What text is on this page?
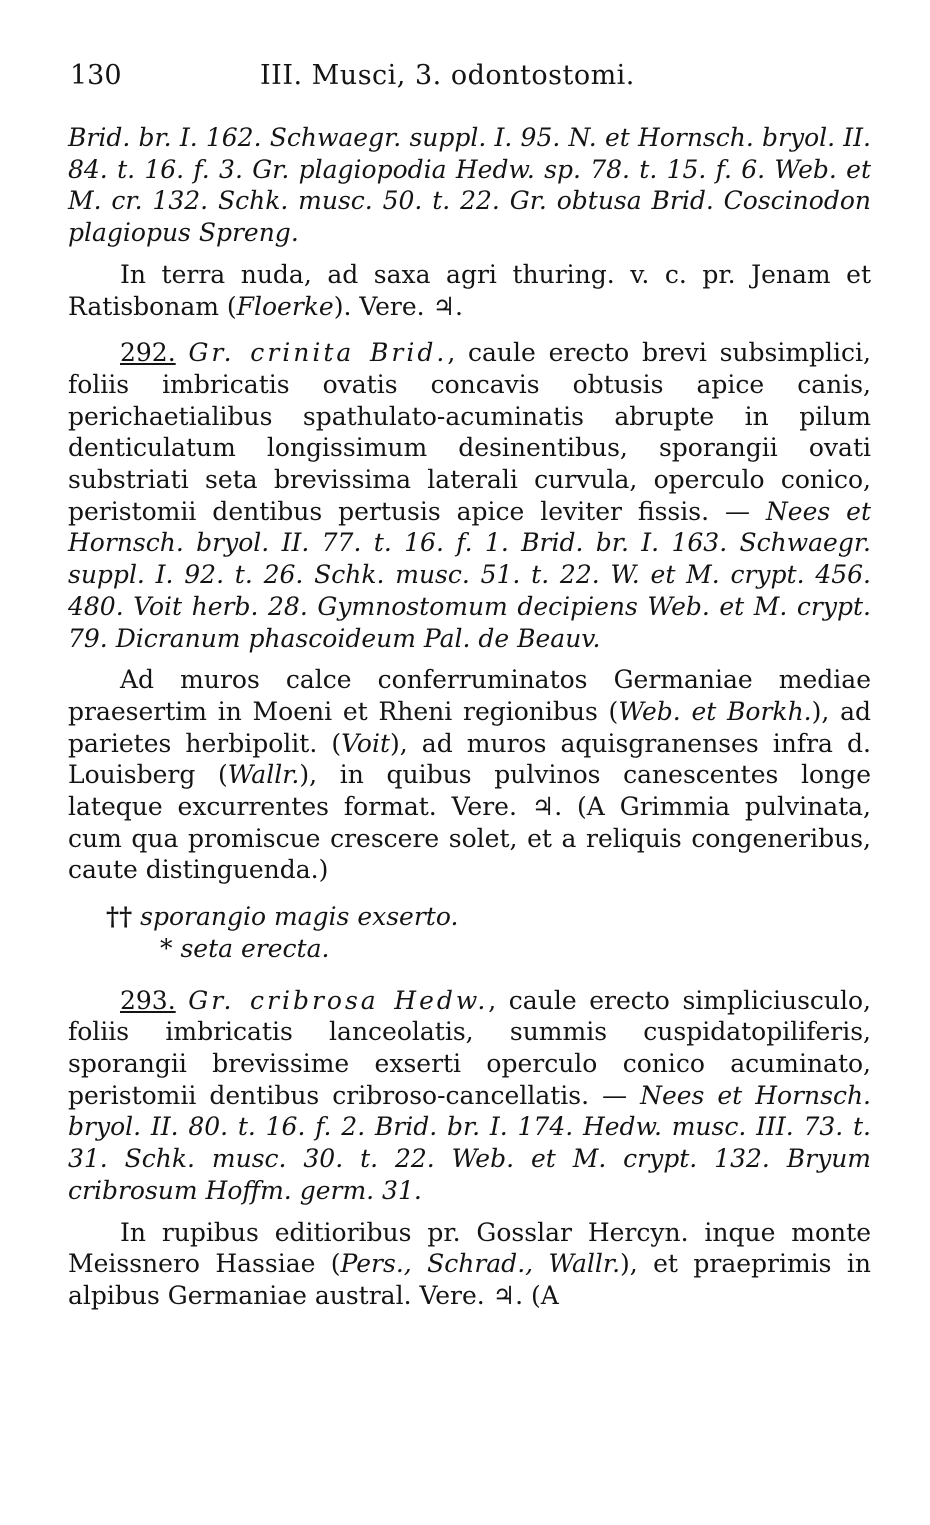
130	III. Musci, 3. odontostomi.

Brid. br. I. 162. Schwaegr. suppl. I. 95. N. et Hornsch. bryol. II. 84. t. 16. f. 3. Gr. plagiopodia Hedw. sp. 78. t. 15. f. 6. Web. et M. cr. 132. Schk. musc. 50. t. 22. Gr. obtusa Brid. Coscinodon plagiopus Spreng.

In terra nuda, ad saxa agri thuring. v. c. pr. Jenam et Ratisbonam (Floerke). Vere. ♃.

292. Gr. crinita Brid., caule erecto brevi subsimplici, foliis imbricatis ovatis concavis obtusis apice canis, perichaetialibus spathulato-acuminatis abrupte in pilum denticulatum longissimum desinentibus, sporangii ovati substriati seta brevissima laterali curvula, operculo conico, peristomii dentibus pertusis apice leviter fissis. — Nees et Hornsch. bryol. II. 77. t. 16. f. 1. Brid. br. I. 163. Schwaegr. suppl. I. 92. t. 26. Schk. musc. 51. t. 22. W. et M. crypt. 456. 480. Voit herb. 28. Gymnostomum decipiens Web. et M. crypt. 79. Dicranum phascoideum Pal. de Beauv.

Ad muros calce conferruminatos Germaniae mediae praesertim in Moeni et Rheni regionibus (Web. et Borkh.), ad parietes herbipolit. (Voit), ad muros aquisgranenses infra d. Louisberg (Wallr.), in quibus pulvinos canescentes longe lateque excurrentes format. Vere. ♃. (A Grimmia pulvinata, cum qua promiscue crescere solet, et a reliquis congeneribus, caute distinguenda.)

†† sporangio magis exserto.

* seta erecta.

293. Gr. cribrosa Hedw., caule erecto simpliciusculo, foliis imbricatis lanceolatis, summis cuspidatopiliferis, sporangii brevissime exserti operculo conico acuminato, peristomii dentibus cribroso-cancellatis. — Nees et Hornsch. bryol. II. 80. t. 16. f. 2. Brid. br. I. 174. Hedw. musc. III. 73. t. 31. Schk. musc. 30. t. 22. Web. et M. crypt. 132. Bryum cribrosum Hoffm. germ. 31.

In rupibus editioribus pr. Gosslar Hercyn. inque monte Meissnero Hassiae (Pers., Schrad., Wallr.), et praeprimis in alpibus Germaniae austral. Vere. ♃. (A
